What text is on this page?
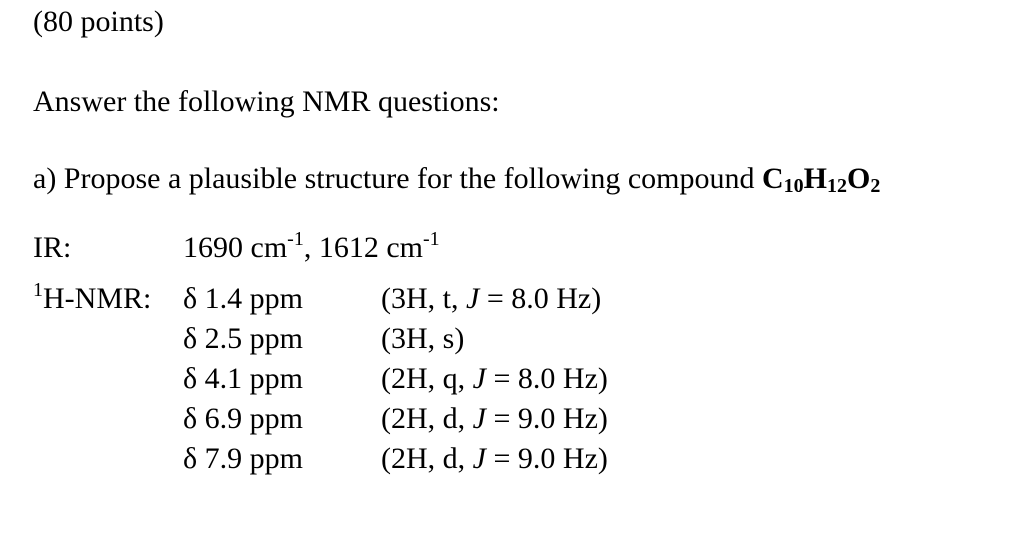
(80 points)
Answer the following NMR questions:
a) Propose a plausible structure for the following compound $C_{10}H_{12}O_2$
IR:	1690 $cm^{-1}$, 1612 $cm^{-1}$
$^1$H-NMR: δ 1.4 ppm	(3H, t, J = 8.0 Hz)
δ 2.5 ppm	(3H, s)
δ 4.1 ppm	(2H, q, J = 8.0 Hz)
δ 6.9 ppm	(2H, d, J = 9.0 Hz)
δ 7.9 ppm	(2H, d, J = 9.0 Hz)
